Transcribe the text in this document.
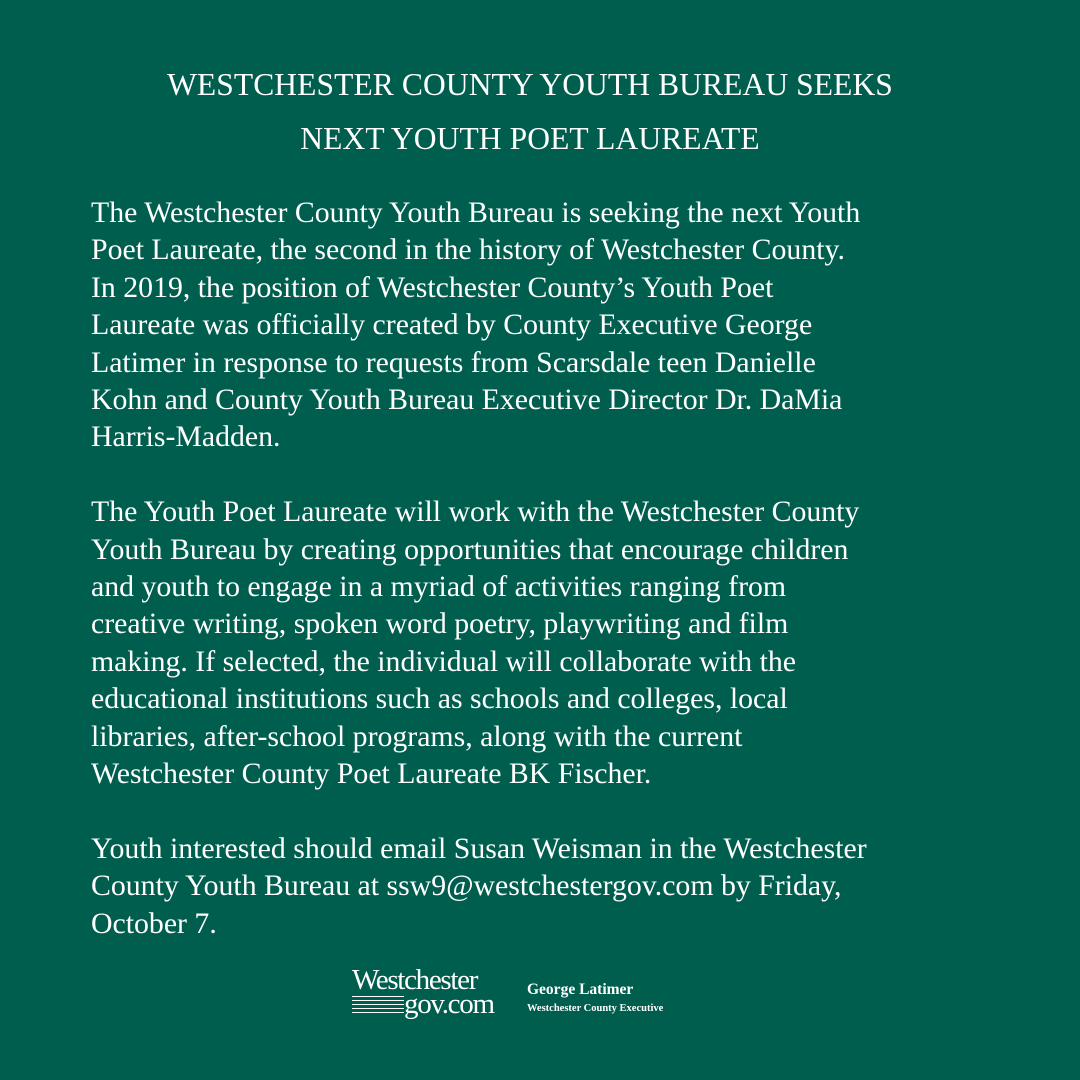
WESTCHESTER COUNTY YOUTH BUREAU SEEKS
NEXT YOUTH POET LAUREATE

The Westchester County Youth Bureau is seeking the next Youth
Poet Laureate, the second in the history of Westchester County.
In 2019, the position of Westchester County’s Youth Poet
Laureate was officially created by County Executive George
Latimer in response to requests from Scarsdale teen Danielle
Kohn and County Youth Bureau Executive Director Dr. DaMia
Harris-Madden.

The Youth Poet Laureate will work with the Westchester County
Youth Bureau by creating opportunities that encourage children
and youth to engage in a myriad of activities ranging from
creative writing, spoken word poetry, playwriting and film
making. If selected, the individual will collaborate with the
educational institutions such as schools and colleges, local
libraries, after-school programs, along with the current
Westchester County Poet Laureate BK Fischer.

Youth interested should email Susan Weisman in the Westchester
County Youth Bureau at ssw9@westchestergov.com by Friday,
October 7.

Westchester
gov.com George Latimer
Westchester County Executive
